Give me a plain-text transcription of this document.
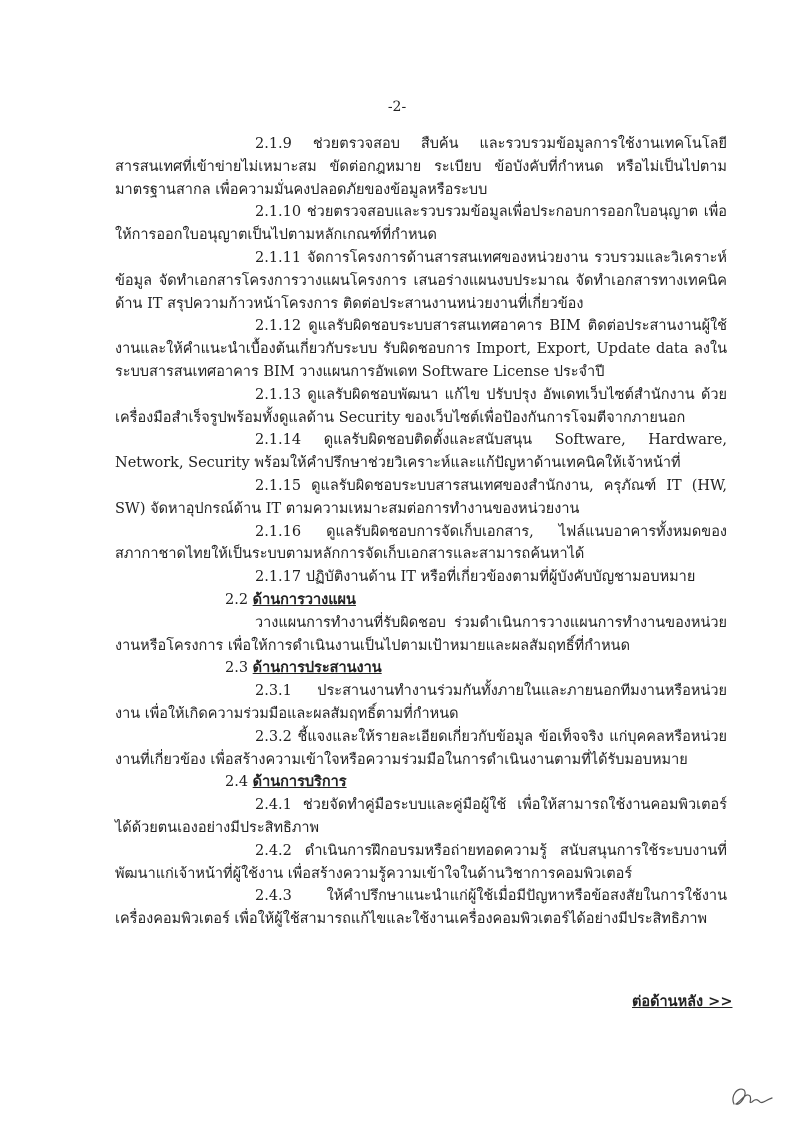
-2-

2.1.9 ช่วยตรวจสอบ สืบค้น และรวบรวมข้อมูลการใช้งานเทคโนโลยีสารสนเทศที่เข้าข่ายไม่เหมาะสม ขัดต่อกฎหมาย ระเบียบ ข้อบังคับที่กำหนด หรือไม่เป็นไปตามมาตรฐานสากล เพื่อความมั่นคงปลอดภัยของข้อมูลหรือระบบ

2.1.10 ช่วยตรวจสอบและรวบรวมข้อมูลเพื่อประกอบการออกใบอนุญาต เพื่อให้การออกใบอนุญาตเป็นไปตามหลักเกณฑ์ที่กำหนด

2.1.11 จัดการโครงการด้านสารสนเทศของหน่วยงาน รวบรวมและวิเคราะห์ข้อมูล จัดทำเอกสารโครงการวางแผนโครงการ เสนอร่างแผนงบประมาณ จัดทำเอกสารทางเทคนิคด้าน IT สรุปความก้าวหน้าโครงการ ติดต่อประสานงานหน่วยงานที่เกี่ยวข้อง

2.1.12 ดูแลรับผิดชอบระบบสารสนเทศอาคาร BIM ติดต่อประสานงานผู้ใช้งานและให้คำแนะนำเบื้องต้นเกี่ยวกับระบบ รับผิดชอบการ Import, Export, Update data ลงในระบบสารสนเทศอาคาร BIM วางแผนการอัพเดท Software License ประจำปี

2.1.13 ดูแลรับผิดชอบพัฒนา แก้ไข ปรับปรุง อัพเดทเว็บไซต์สำนักงาน ด้วยเครื่องมือสำเร็จรูปพร้อมทั้งดูแลด้าน Security ของเว็บไซต์เพื่อป้องกันการโจมตีจากภายนอก

2.1.14 ดูแลรับผิดชอบติดตั้งและสนับสนุน Software, Hardware, Network, Security พร้อมให้คำปรึกษาช่วยวิเคราะห์และแก้ปัญหาด้านเทคนิคให้เจ้าหน้าที่

2.1.15 ดูแลรับผิดชอบระบบสารสนเทศของสำนักงาน, ครุภัณฑ์ IT (HW, SW) จัดหาอุปกรณ์ด้าน IT ตามความเหมาะสมต่อการทำงานของหน่วยงาน

2.1.16 ดูแลรับผิดชอบการจัดเก็บเอกสาร, ไฟล์แนบอาคารทั้งหมดของสภากาชาดไทยให้เป็นระบบตามหลักการจัดเก็บเอกสารและสามารถค้นหาได้

2.1.17 ปฏิบัติงานด้าน IT หรือที่เกี่ยวข้องตามที่ผู้บังคับบัญชามอบหมาย

2.2 ด้านการวางแผน

วางแผนการทำงานที่รับผิดชอบ ร่วมดำเนินการวางแผนการทำงานของหน่วยงานหรือโครงการ เพื่อให้การดำเนินงานเป็นไปตามเป้าหมายและผลสัมฤทธิ์ที่กำหนด

2.3 ด้านการประสานงาน

2.3.1 ประสานงานทำงานร่วมกันทั้งภายในและภายนอกทีมงานหรือหน่วยงาน เพื่อให้เกิดความร่วมมือและผลสัมฤทธิ์ตามที่กำหนด

2.3.2 ชี้แจงและให้รายละเอียดเกี่ยวกับข้อมูล ข้อเท็จจริง แก่บุคคลหรือหน่วยงานที่เกี่ยวข้อง เพื่อสร้างความเข้าใจหรือความร่วมมือในการดำเนินงานตามที่ได้รับมอบหมาย

2.4 ด้านการบริการ

2.4.1 ช่วยจัดทำคู่มือระบบและคู่มือผู้ใช้ เพื่อให้สามารถใช้งานคอมพิวเตอร์ได้ด้วยตนเองอย่างมีประสิทธิภาพ

2.4.2 ดำเนินการฝึกอบรมหรือถ่ายทอดความรู้ สนับสนุนการใช้ระบบงานที่พัฒนาแก่เจ้าหน้าที่ผู้ใช้งาน เพื่อสร้างความรู้ความเข้าใจในด้านวิชาการคอมพิวเตอร์

2.4.3 ให้คำปรึกษาแนะนำแก่ผู้ใช้เมื่อมีปัญหาหรือข้อสงสัยในการใช้งานเครื่องคอมพิวเตอร์ เพื่อให้ผู้ใช้สามารถแก้ไขและใช้งานเครื่องคอมพิวเตอร์ได้อย่างมีประสิทธิภาพ

ต่อด้านหลัง >>
